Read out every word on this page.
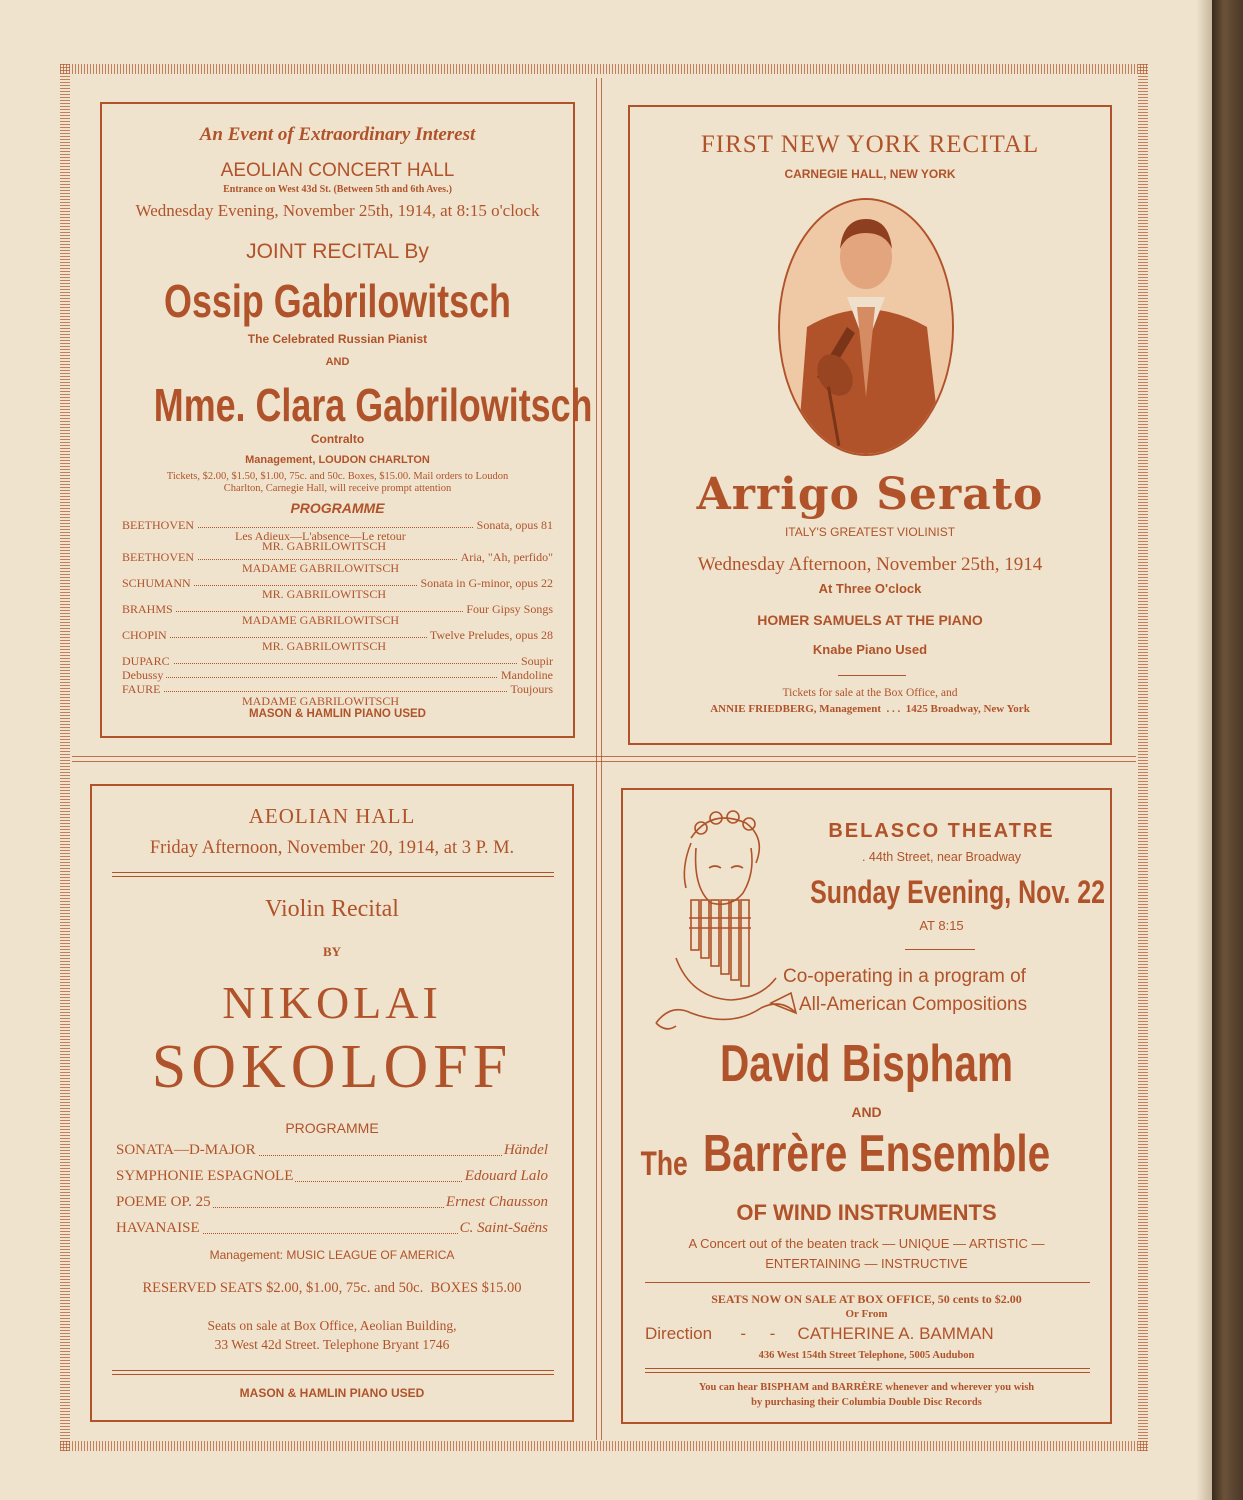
An Event of Extraordinary Interest
AEOLIAN CONCERT HALL
Entrance on West 43d St. (Between 5th and 6th Aves.)
Wednesday Evening, November 25th, 1914, at 8:15 o'clock
JOINT RECITAL By
Ossip Gabrilowitsch
The Celebrated Russian Pianist
AND
Mme. Clara Gabrilowitsch
Contralto
Management, LOUDON CHARLTON
Tickets, $2.00, $1.50, $1.00, 75c. and 50c. Boxes, $15.00. Mail orders to Loudon
Charlton, Carnegie Hall, will receive prompt attention
PROGRAMME
BEETHOVEN	Sonata, opus 81
Les Adieux—L'absence—Le retour
MR. GABRILOWITSCH
BEETHOVEN	Aria, "Ah, perfido"
MADAME GABRILOWITSCH
SCHUMANN	Sonata in G-minor, opus 22
MR. GABRILOWITSCH
BRAHMS	Four Gipsy Songs
MADAME GABRILOWITSCH
CHOPIN	Twelve Preludes, opus 28
MR. GABRILOWITSCH
DUPARC	Soupir
Debussy	Mandoline
FAURE	Toujours
MADAME GABRILOWITSCH
MASON & HAMLIN PIANO USED
FIRST NEW YORK RECITAL
CARNEGIE HALL, NEW YORK
Arrigo Serato
ITALY'S GREATEST VIOLINIST
Wednesday Afternoon, November 25th, 1914
At Three O'clock
HOMER SAMUELS AT THE PIANO
Knabe Piano Used
Tickets for sale at the Box Office, and
ANNIE FRIEDBERG, Management . . . 1425 Broadway, New York
AEOLIAN HALL
Friday Afternoon, November 20, 1914, at 3 P. M.
Violin Recital
BY
NIKOLAI
SOKOLOFF
PROGRAMME
SONATA—D-MAJOR	Händel
SYMPHONIE ESPAGNOLE	Edouard Lalo
POEME OP. 25	Ernest Chausson
HAVANAISE	C. Saint-Saëns
Management: MUSIC LEAGUE OF AMERICA
RESERVED SEATS $2.00, $1.00, 75c. and 50c. BOXES $15.00
Seats on sale at Box Office, Aeolian Building,
33 West 42d Street. Telephone Bryant 1746
MASON & HAMLIN PIANO USED
BELASCO THEATRE
. 44th Street, near Broadway
Sunday Evening, Nov. 22
AT 8:15
Co-operating in a program of
All-American Compositions
David Bispham
AND
The Barrère Ensemble
OF WIND INSTRUMENTS
A Concert out of the beaten track — UNIQUE — ARTISTIC —
ENTERTAINING — INSTRUCTIVE
SEATS NOW ON SALE AT BOX OFFICE, 50 cents to $2.00
Or From
Direction -     - CATHERINE A. BAMMAN
436 West 154th Street Telephone, 5005 Audubon
You can hear BISPHAM and BARRÈRE whenever and wherever you wish
by purchasing their Columbia Double Disc Records
